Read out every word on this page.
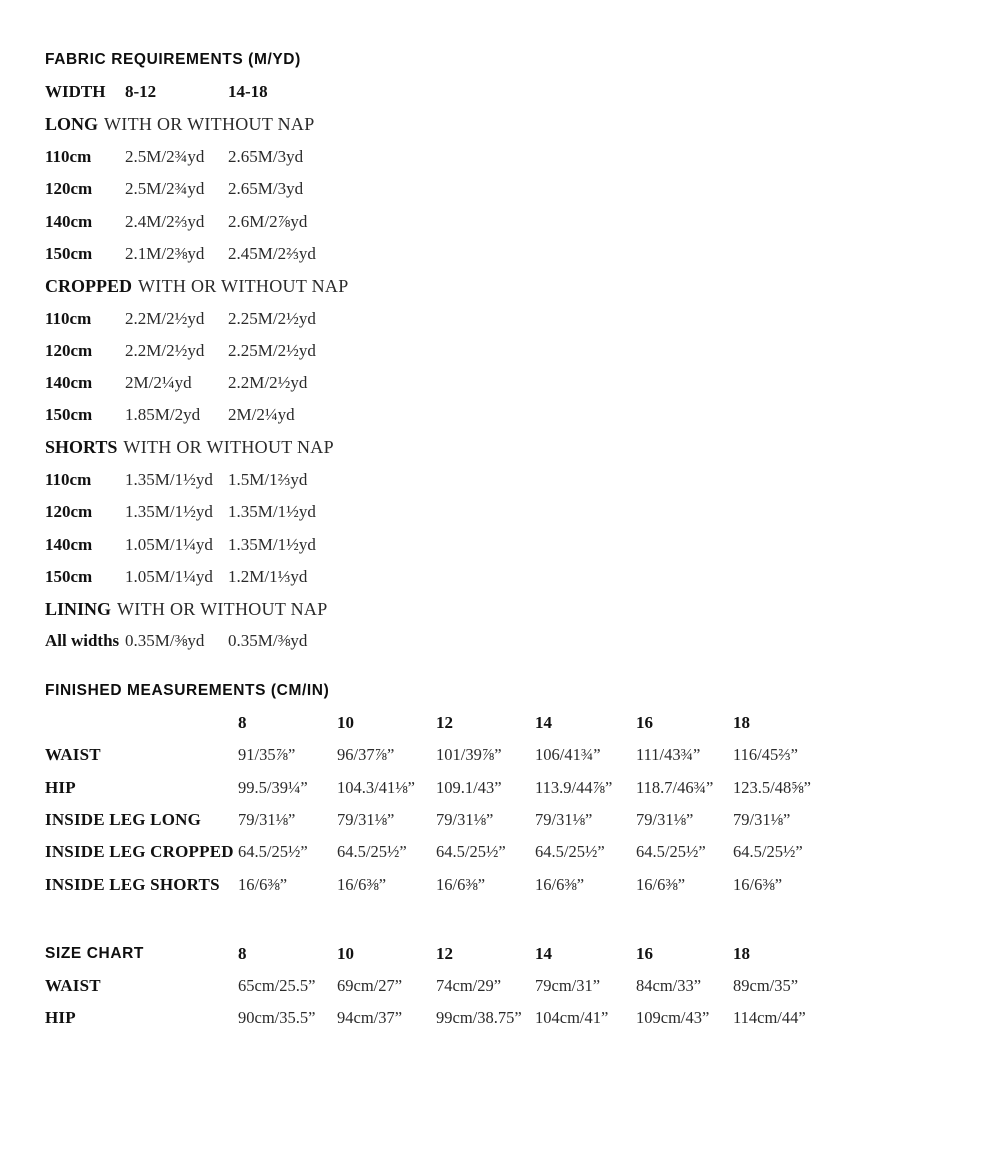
FABRIC REQUIREMENTS (M/YD)
WIDTH	8-12	14-18
LONG WITH OR WITHOUT NAP
110cm	2.5M/2¾yd	2.65M/3yd
120cm	2.5M/2¾yd	2.65M/3yd
140cm	2.4M/2⅔yd	2.6M/2⅞yd
150cm	2.1M/2⅜yd	2.45M/2⅔yd
CROPPED WITH OR WITHOUT NAP
110cm	2.2M/2½yd	2.25M/2½yd
120cm	2.2M/2½yd	2.25M/2½yd
140cm	2M/2¼yd	2.2M/2½yd
150cm	1.85M/2yd	2M/2¼yd
SHORTS WITH OR WITHOUT NAP
110cm	1.35M/1½yd 1.5M/1⅔yd
120cm	1.35M/1½yd 1.35M/1½yd
140cm	1.05M/1¼yd 1.35M/1½yd
150cm	1.05M/1¼yd 1.2M/1⅓yd
LINING WITH OR WITHOUT NAP
All widths 0.35M/⅜yd	0.35M/⅜yd
FINISHED MEASUREMENTS (CM/IN)
8	10	12	14	16	18
WAIST	91/35⅞”	96/37⅞”	101/39⅞”	106/41¾”	111/43¾”	116/45⅔”
HIP	99.5/39¼”	104.3/41⅛”	109.1/43”	113.9/44⅞”	118.7/46¾”	123.5/48⅝”
INSIDE LEG LONG	79/31⅛”	79/31⅛”	79/31⅛”	79/31⅛”	79/31⅛”	79/31⅛”
INSIDE LEG CROPPED 64.5/25½”	64.5/25½”	64.5/25½”	64.5/25½”	64.5/25½”	64.5/25½”
INSIDE LEG SHORTS	16/6⅜”	16/6⅜”	16/6⅜”	16/6⅜”	16/6⅜”	16/6⅜”
SIZE CHART	8	10	12	14	16	18
WAIST	65cm/25.5”	69cm/27”	74cm/29”	79cm/31”	84cm/33”	89cm/35”
HIP	90cm/35.5”	94cm/37”	99cm/38.75” 104cm/41”	109cm/43”	114cm/44”
